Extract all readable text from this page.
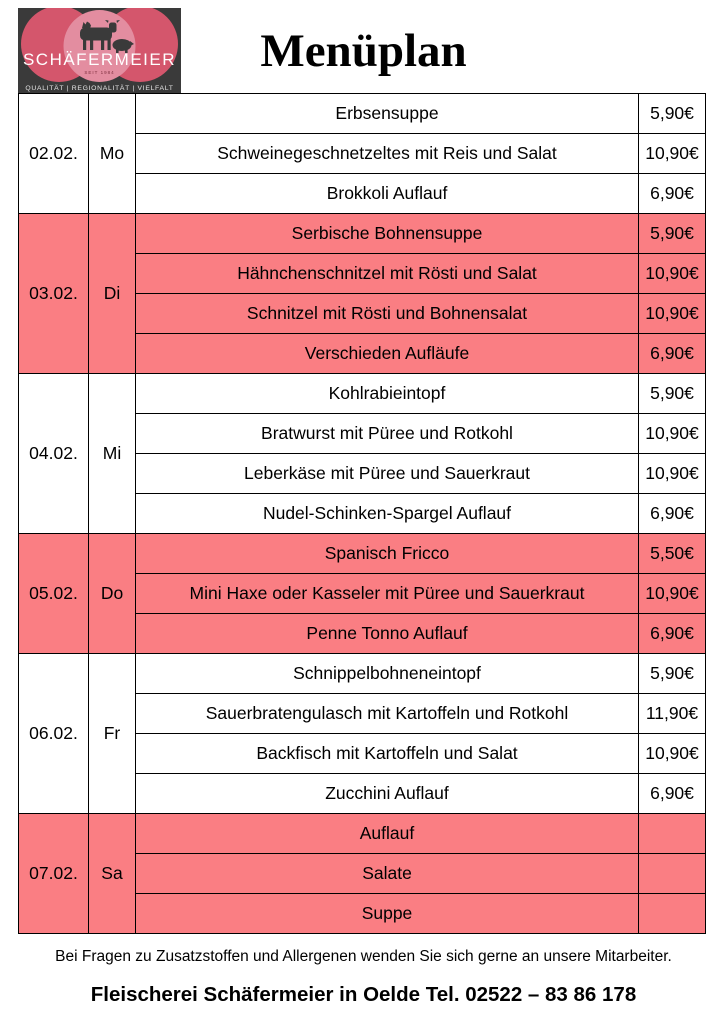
SCHÄFERMEIER
SEIT 1984
QUALITÄT | REGIONALITÄT | VIELFALT
Menüplan
02.02.	Mo	Erbsensuppe	5,90€
		Schweinegeschnetzeltes mit Reis und Salat	10,90€
		Brokkoli Auflauf	6,90€
03.02.	Di	Serbische Bohnensuppe	5,90€
		Hähnchenschnitzel mit Rösti und Salat	10,90€
		Schnitzel mit Rösti und Bohnensalat	10,90€
		Verschieden Aufläufe	6,90€
04.02.	Mi	Kohlrabieintopf	5,90€
		Bratwurst mit Püree und Rotkohl	10,90€
		Leberkäse mit Püree und Sauerkraut	10,90€
		Nudel-Schinken-Spargel Auflauf	6,90€
05.02.	Do	Spanisch Fricco	5,50€
		Mini Haxe oder Kasseler mit Püree und Sauerkraut	10,90€
		Penne Tonno Auflauf	6,90€
06.02.	Fr	Schnippelbohneneintopf	5,90€
		Sauerbratengulasch mit Kartoffeln und Rotkohl	11,90€
		Backfisch mit Kartoffeln und Salat	10,90€
		Zucchini Auflauf	6,90€
07.02.	Sa	Auflauf	
		Salate	
		Suppe	

Bei Fragen zu Zusatzstoffen und Allergenen wenden Sie sich gerne an unsere Mitarbeiter.

Fleischerei Schäfermeier in Oelde Tel. 02522 – 83 86 178
